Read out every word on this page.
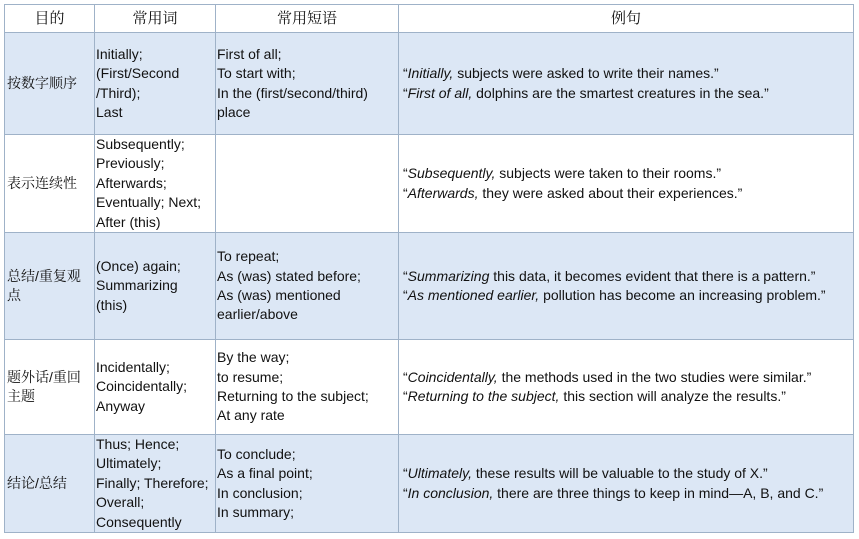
目的	常用词	常用短语	例句
按数字顺序	Initially;
(First/Second
/Third);
Last	First of all;
To start with;
In the (first/second/third)
place	“Initially, subjects were asked to write their names.”
“First of all, dolphins are the smartest creatures in the sea.”

表示连续性	Subsequently;
Previously;
Afterwards;
Eventually; Next;
After (this)		“Subsequently, subjects were taken to their rooms.”
“Afterwards, they were asked about their experiences.”

总结/重复观点	(Once) again;
Summarizing
(this)	To repeat;
As (was) stated before;
As (was) mentioned
earlier/above	“Summarizing this data, it becomes evident that there is a pattern.”
“As mentioned earlier, pollution has become an increasing problem.”

题外话/重回主题	Incidentally;
Coincidentally;
Anyway	By the way;
to resume;
Returning to the subject;
At any rate	“Coincidentally, the methods used in the two studies were similar.”
“Returning to the subject, this section will analyze the results.”

结论/总结	Thus; Hence;
Ultimately;
Finally; Therefore;
Overall;
Consequently	To conclude;
As a final point;
In conclusion;
In summary;	“Ultimately, these results will be valuable to the study of X.”
“In conclusion, there are three things to keep in mind—A, B, and C.”
